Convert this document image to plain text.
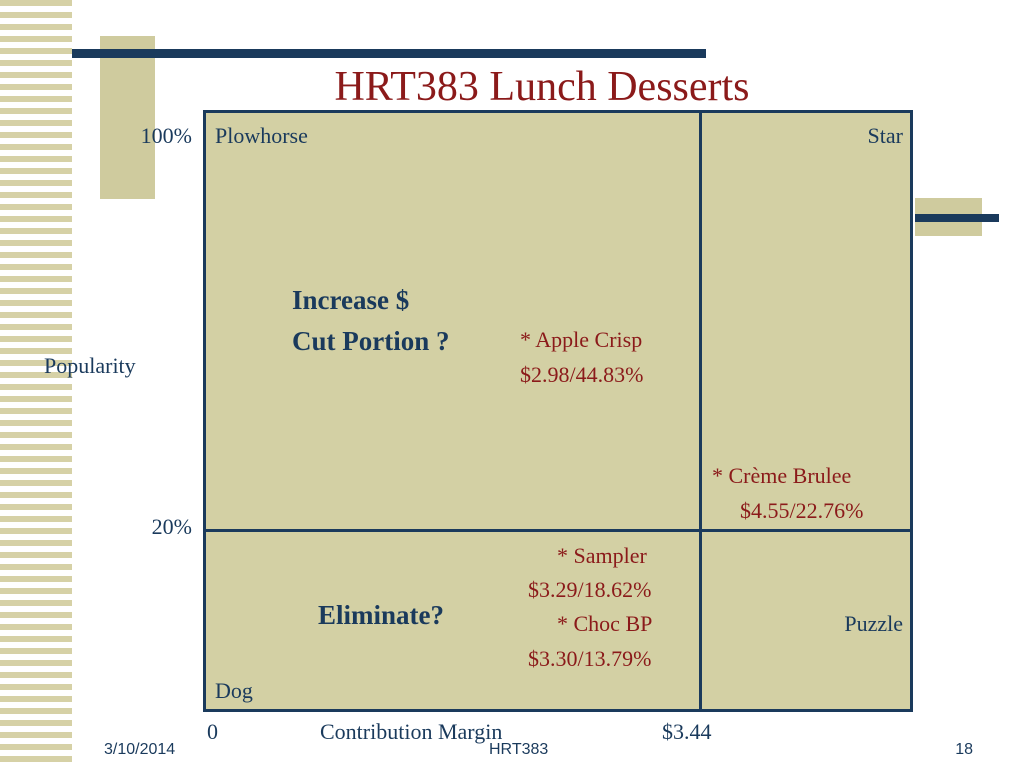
HRT383 Lunch Desserts
Plowhorse	Star
Dog
Puzzle
Increase $
Cut Portion ?
Eliminate?
* Apple Crisp
$2.98/44.83%
* Crème Brulee
$4.55/22.76%
* Sampler
$3.29/18.62%
* Choc BP
$3.30/13.79%
100%
Popularity
20%
0	Contribution Margin	$3.44
3/10/2014	HRT383	18
